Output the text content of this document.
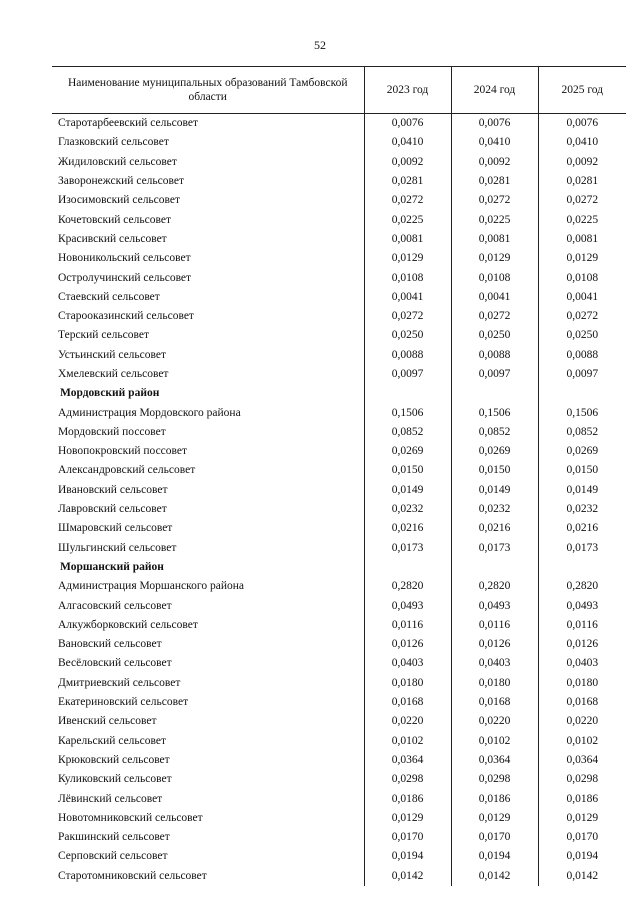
52
Наименование муниципальных образований Тамбовской области	2023 год	2024 год	2025 год
Старотарбеевский сельсовет	0,0076	0,0076	0,0076
Глазковский сельсовет	0,0410	0,0410	0,0410
Жидиловский сельсовет	0,0092	0,0092	0,0092
Заворонежский сельсовет	0,0281	0,0281	0,0281
Изосимовский сельсовет	0,0272	0,0272	0,0272
Кочетовский сельсовет	0,0225	0,0225	0,0225
Красивский сельсовет	0,0081	0,0081	0,0081
Новоникольский сельсовет	0,0129	0,0129	0,0129
Остролучинский сельсовет	0,0108	0,0108	0,0108
Стаевский сельсовет	0,0041	0,0041	0,0041
Старооказинский сельсовет	0,0272	0,0272	0,0272
Терский сельсовет	0,0250	0,0250	0,0250
Устьинский сельсовет	0,0088	0,0088	0,0088
Хмелевский сельсовет	0,0097	0,0097	0,0097
Мордовский район			
Администрация Мордовского района	0,1506	0,1506	0,1506
Мордовский поссовет	0,0852	0,0852	0,0852
Новопокровский поссовет	0,0269	0,0269	0,0269
Александровский сельсовет	0,0150	0,0150	0,0150
Ивановский сельсовет	0,0149	0,0149	0,0149
Лавровский сельсовет	0,0232	0,0232	0,0232
Шмаровский сельсовет	0,0216	0,0216	0,0216
Шульгинский сельсовет	0,0173	0,0173	0,0173
Моршанский район			
Администрация Моршанского района	0,2820	0,2820	0,2820
Алгасовский сельсовет	0,0493	0,0493	0,0493
Алкужборковский сельсовет	0,0116	0,0116	0,0116
Вановский сельсовет	0,0126	0,0126	0,0126
Весёловский сельсовет	0,0403	0,0403	0,0403
Дмитриевский сельсовет	0,0180	0,0180	0,0180
Екатериновский сельсовет	0,0168	0,0168	0,0168
Ивенский сельсовет	0,0220	0,0220	0,0220
Карельский сельсовет	0,0102	0,0102	0,0102
Крюковский сельсовет	0,0364	0,0364	0,0364
Куликовский сельсовет	0,0298	0,0298	0,0298
Лёвинский сельсовет	0,0186	0,0186	0,0186
Новотомниковский сельсовет	0,0129	0,0129	0,0129
Ракшинский сельсовет	0,0170	0,0170	0,0170
Серповский сельсовет	0,0194	0,0194	0,0194
Старотомниковский сельсовет	0,0142	0,0142	0,0142
